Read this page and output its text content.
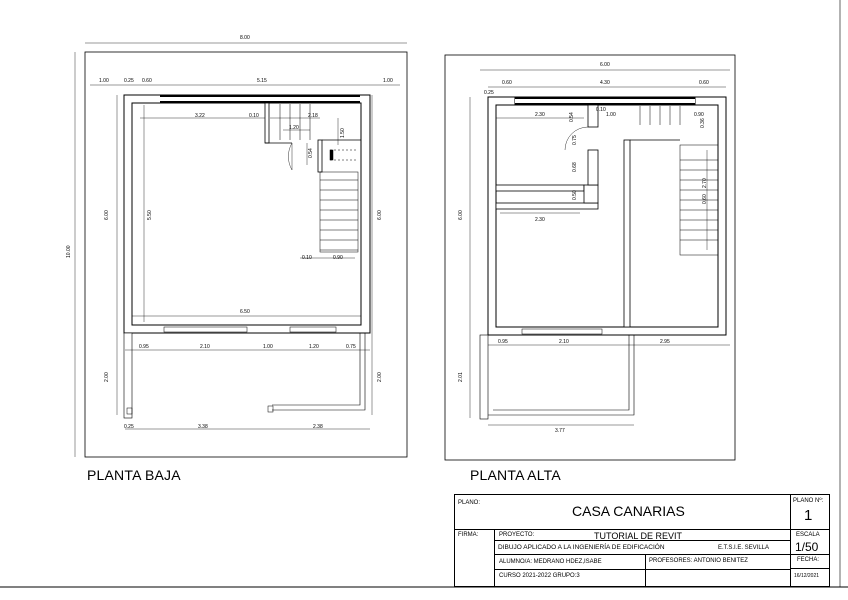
8.00
1.00	0.25 0.60	5.15	1.00
3.22	0.10	2.18
1.20
1.50
0.54
6.00	5.50	6.00
10.00	0.10	0.90
6.50
0.95	2.10	1.00	1.20	0.75
2.00	2.00
0.25	3.38	2.38
6.00
0.60	4.30	0.60
0.25
2.30	0.54
0.10
1.00	0.90
0.36
0.75
0.68
0.50
2.30
6.00
2.70
0.60
0.95	2.10	2.95
2.01
3.77
PLANTA BAJA	PLANTA ALTA
PLANO:	CASA CANARIAS
PLANO Nº:
1
FIRMA:	PROYECTO:	TUTORIAL DE REVIT	ESCALA
1/50
DIBUJO APLICADO A LA INGENIERÍA DE EDIFICACIÓN	E.T.S.I.E. SEVILLA
ALUMNO/A: MEDRANO HDEZ,ISABE	PROFESORES: ANTONIO BENITEZ	FECHA:
16/12/2021
CURSO 2021-2022 GRUPO:3
